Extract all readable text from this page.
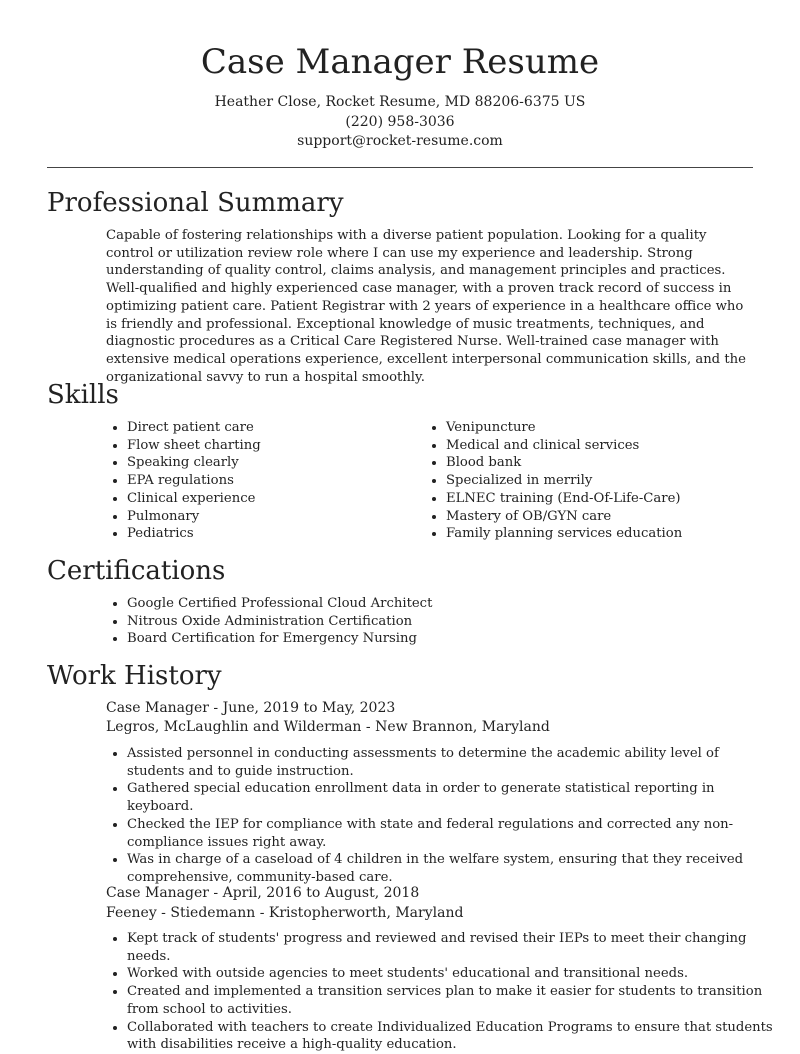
Case Manager Resume
Heather Close, Rocket Resume, MD 88206-6375 US
(220) 958-3036
support@rocket-resume.com
Professional Summary

Capable of fostering relationships with a diverse patient population. Looking for a quality control or utilization review role where I can use my experience and leadership. Strong understanding of quality control, claims analysis, and management principles and practices. Well-qualified and highly experienced case manager, with a proven track record of success in optimizing patient care. Patient Registrar with 2 years of experience in a healthcare office who is friendly and professional. Exceptional knowledge of music treatments, techniques, and diagnostic procedures as a Critical Care Registered Nurse. Well-trained case manager with extensive medical operations experience, excellent interpersonal communication skills, and the organizational savvy to run a hospital smoothly.

Skills
• Direct patient care
• Flow sheet charting
• Speaking clearly
• EPA regulations
• Clinical experience
• Pulmonary
• Pediatrics
• Venipuncture
• Medical and clinical services
• Blood bank
• Specialized in merrily
• ELNEC training (End-Of-Life-Care)
• Mastery of OB/GYN care
• Family planning services education
Certifications
• Google Certified Professional Cloud Architect
• Nitrous Oxide Administration Certification
• Board Certification for Emergency Nursing
Work History
Case Manager - June, 2019 to May, 2023
Legros, McLaughlin and Wilderman - New Brannon, Maryland
• Assisted personnel in conducting assessments to determine the academic ability level of students and to guide instruction.
• Gathered special education enrollment data in order to generate statistical reporting in keyboard.
• Checked the IEP for compliance with state and federal regulations and corrected any non-compliance issues right away.
• Was in charge of a caseload of 4 children in the welfare system, ensuring that they received comprehensive, community-based care.
Case Manager - April, 2016 to August, 2018
Feeney - Stiedemann - Kristopherworth, Maryland
• Kept track of students' progress and reviewed and revised their IEPs to meet their changing needs.
• Worked with outside agencies to meet students' educational and transitional needs.
• Created and implemented a transition services plan to make it easier for students to transition from school to activities.
• Collaborated with teachers to create Individualized Education Programs to ensure that students with disabilities receive a high-quality education.
